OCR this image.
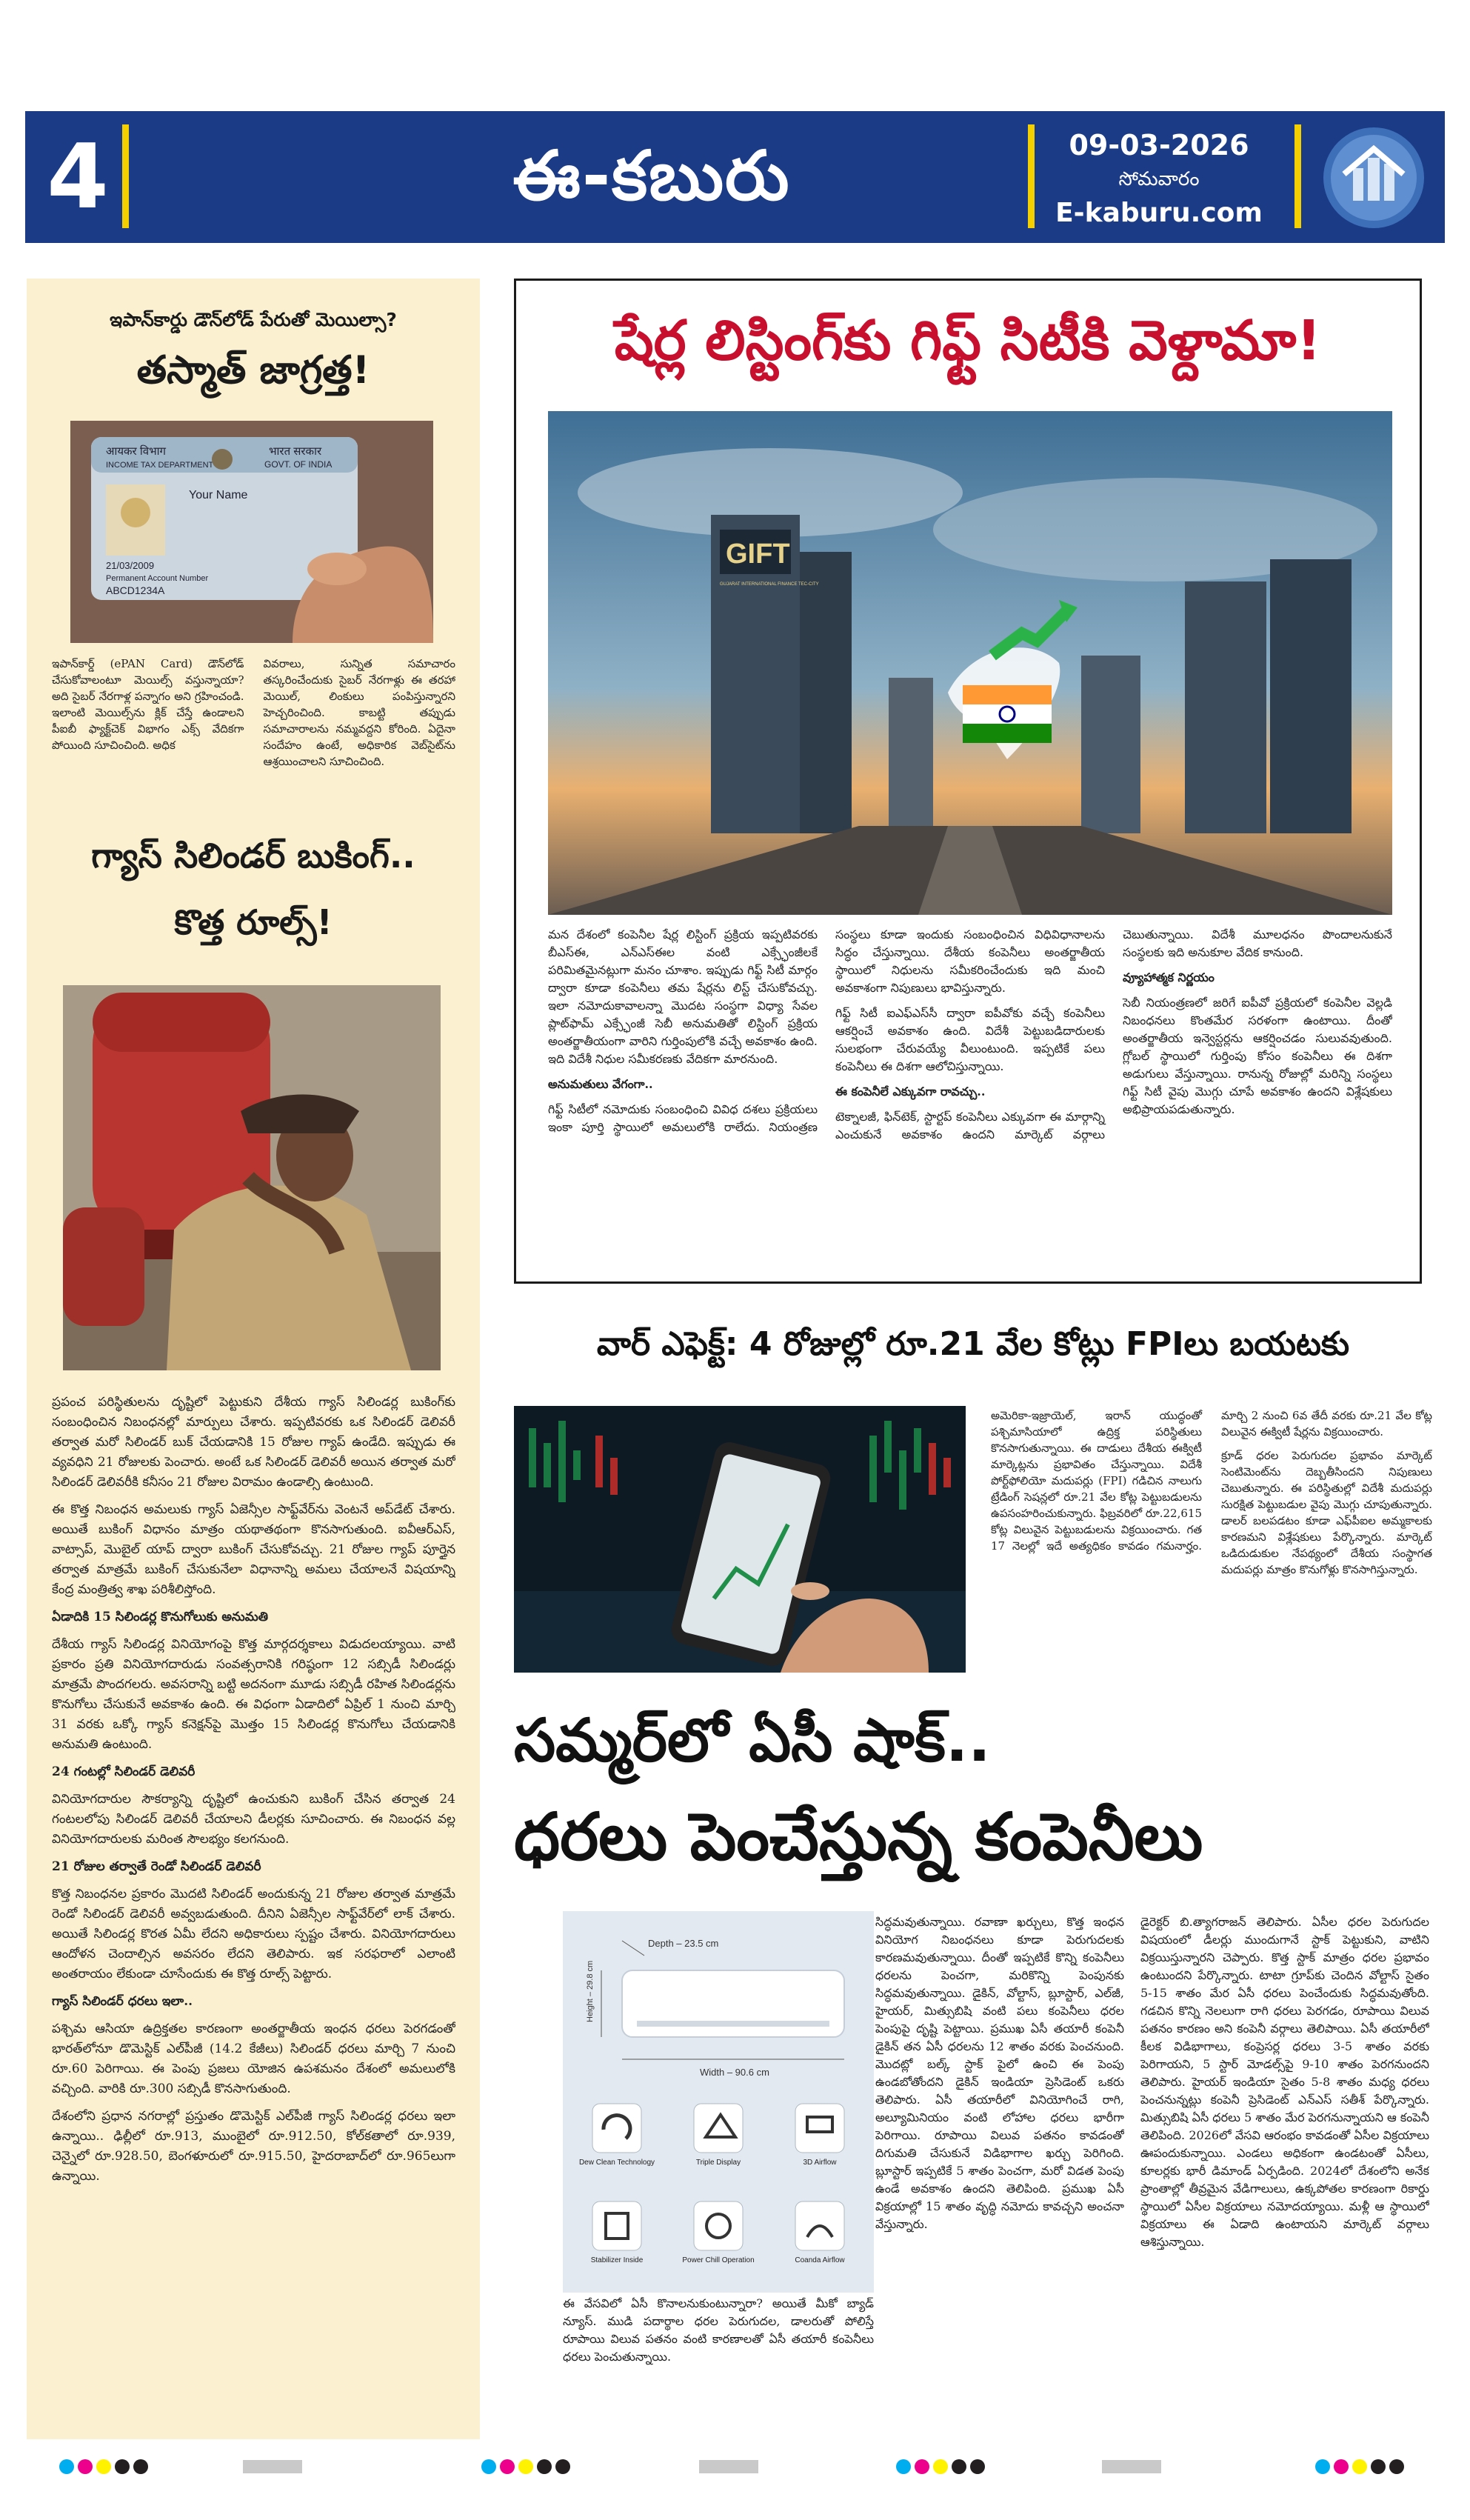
4	ఈ-కబురు	09-03-2026
సోమవారం
E-kaburu.com
ఇపాన్‌కార్డు డౌన్‌లోడ్ పేరుతో మెయిల్సా?
తస్మాత్ జాగ్రత్త!
आयकर विभाग
INCOME TAX DEPARTMENT
भारत सरकार
GOVT. OF INDIA
Your Name
21/03/2009
Permanent Account Number
ABCD1234A

ఇపాన్‌కార్డ్ (ePAN Card) డౌన్‌లోడ్ చేసుకోవాలంటూ మెయిల్స్ వస్తున్నాయా? అది సైబర్ నేరగాళ్ల పన్నాగం అని గ్రహించండి. ఇలాంటి మెయిల్స్‌ను క్లిక్ చేస్తే ఉండాలని పీఐబీ ఫ్యాక్ట్‌చెక్ విభాగం ఎక్స్ వేదికగా పోయింది సూచించింది. అధిక

వివరాలు, సున్నిత సమాచారం తస్కరించేందుకు సైబర్ నేరగాళ్లు ఈ తరహా మెయిల్, లింకులు పంపిస్తున్నారని హెచ్చరించింది. కాబట్టి తప్పుడు సమాచారాలను నమ్మవద్దని కోరింది. ఏదైనా సందేహం ఉంటే, అధికారిక వెబ్‌సైట్‌ను ఆశ్రయించాలని సూచించింది.

గ్యాస్ సిలిండర్ బుకింగ్..
కొత్త రూల్స్!

ప్రపంచ పరిస్థితులను దృష్టిలో పెట్టుకుని దేశీయ గ్యాస్ సిలిండర్ల బుకింగ్‌కు సంబంధించిన నిబంధనల్లో మార్పులు చేశారు. ఇప్పటివరకు ఒక సిలిండర్ డెలివరీ తర్వాత మరో సిలిండర్ బుక్ చేయడానికి 15 రోజుల గ్యాప్ ఉండేది. ఇప్పుడు ఈ వ్యవధిని 21 రోజులకు పెంచారు. అంటే ఒక సిలిండర్ డెలివరీ అయిన తర్వాత మరో సిలిండర్ డెలివరీకి కనీసం 21 రోజుల విరామం ఉండాల్సి ఉంటుంది.

ఈ కొత్త నిబంధన అమలుకు గ్యాస్ ఏజెన్సీల సాఫ్ట్‌వేర్‌ను వెంటనే అప్‌డేట్ చేశారు. అయితే బుకింగ్ విధానం మాత్రం యథాతథంగా కొనసాగుతుంది. ఐవీఆర్ఎస్, వాట్సాప్, మొబైల్ యాప్ ద్వారా బుకింగ్ చేసుకోవచ్చు. 21 రోజుల గ్యాప్ పూర్తైన తర్వాత మాత్రమే బుకింగ్ చేసుకునేలా విధానాన్ని అమలు చేయాలనే విషయాన్ని కేంద్ర మంత్రిత్వ శాఖ పరిశీలిస్తోంది.

ఏడాదికి 15 సిలిండర్ల కొనుగోలుకు అనుమతి

దేశీయ గ్యాస్ సిలిండర్ల వినియోగంపై కొత్త మార్గదర్శకాలు విడుదలయ్యాయి. వాటి ప్రకారం ప్రతి వినియోగదారుడు సంవత్సరానికి గరిష్ఠంగా 12 సబ్సిడీ సిలిండర్లు మాత్రమే పొందగలరు. అవసరాన్ని బట్టి అదనంగా మూడు సబ్సిడీ రహిత సిలిండర్లను కొనుగోలు చేసుకునే అవకాశం ఉంది. ఈ విధంగా ఏడాదిలో ఏప్రిల్ 1 నుంచి మార్చి 31 వరకు ఒక్కో గ్యాస్ కనెక్షన్‌పై మొత్తం 15 సిలిండర్ల కొనుగోలు చేయడానికి అనుమతి ఉంటుంది.

24 గంటల్లో సిలిండర్ డెలివరీ

వినియోగదారుల సౌకర్యాన్ని దృష్టిలో ఉంచుకుని బుకింగ్ చేసిన తర్వాత 24 గంటలలోపు సిలిండర్ డెలివరీ చేయాలని డీలర్లకు సూచించారు. ఈ నిబంధన వల్ల వినియోగదారులకు మరింత సౌలభ్యం కలగనుంది.

21 రోజుల తర్వాతే రెండో సిలిండర్ డెలివరీ

కొత్త నిబంధనల ప్రకారం మొదటి సిలిండర్ అందుకున్న 21 రోజుల తర్వాత మాత్రమే రెండో సిలిండర్ డెలివరీ అవ్వబడుతుంది. దీనిని ఏజెన్సీల సాఫ్ట్‌వేర్‌లో లాక్ చేశారు. అయితే సిలిండర్ల కొరత ఏమీ లేదని అధికారులు స్పష్టం చేశారు. వినియోగదారులు ఆందోళన చెందాల్సిన అవసరం లేదని తెలిపారు. ఇక సరఫరాలో ఎలాంటి అంతరాయం లేకుండా చూసేందుకు ఈ కొత్త రూల్స్ పెట్టారు.

గ్యాస్ సిలిండర్ ధరలు ఇలా..

పశ్చిమ ఆసియా ఉద్రిక్తతల కారణంగా అంతర్జాతీయ ఇంధన ధరలు పెరగడంతో భారత్‌లోనూ డొమెస్టిక్ ఎల్‌పీజీ (14.2 కేజీలు) సిలిండర్ ధరలు మార్చి 7 నుంచి రూ.60 పెరిగాయి. ఈ పెంపు ప్రజలు యోజిన ఉపశమనం దేశంలో అమలులోకి వచ్చింది. వారికి రూ.300 సబ్సిడీ కొనసాగుతుంది.

దేశంలోని ప్రధాన నగరాల్లో ప్రస్తుతం డొమెస్టిక్ ఎల్‌పీజీ గ్యాస్ సిలిండర్ల ధరలు ఇలా ఉన్నాయి.. ఢిల్లీలో రూ.913, ముంబైలో రూ.912.50, కోల్‌కతాలో రూ.939, చెన్నైలో రూ.928.50, బెంగళూరులో రూ.915.50, హైదరాబాద్‌లో రూ.965లుగా ఉన్నాయి.

షేర్ల లిస్టింగ్‌కు గిఫ్ట్ సిటీకి వెళ్దామా!
GIFT
GUJARAT INTERNATIONAL FINANCE TEC-CITY

మన దేశంలో కంపెనీల షేర్ల లిస్టింగ్ ప్రక్రియ ఇప్పటివరకు బీఎస్ఈ, ఎన్ఎస్ఈల వంటి ఎక్స్ఛేంజీలకే పరిమితమైనట్లుగా మనం చూశాం. ఇప్పుడు గిఫ్ట్ సిటీ మార్గం ద్వారా కూడా కంపెనీలు తమ షేర్లను లిస్ట్ చేసుకోవచ్చు. ఇలా నమోదుకావాలన్నా మొదట సంస్థగా విధ్యా సేవల ప్లాట్‌ఫామ్ ఎక్స్ఛేంజీ సెబీ అనుమతితో లిస్టింగ్ ప్రక్రియ అంతర్జాతీయంగా వారిని గుర్తింపులోకి వచ్చే అవకాశం ఉంది. ఇది విదేశీ నిధుల సమీకరణకు వేదికగా మారనుంది.

అనుమతులు వేగంగా..

గిఫ్ట్ సిటీలో నమోదుకు సంబంధించి వివిధ దశలు ప్రక్రియలు ఇంకా పూర్తి స్థాయిలో అమలులోకి రాలేదు. నియంత్రణ సంస్థలు కూడా ఇందుకు సంబంధించిన విధివిధానాలను సిద్ధం చేస్తున్నాయి. దేశీయ కంపెనీలు అంతర్జాతీయ స్థాయిలో నిధులను సమీకరించేందుకు ఇది మంచి అవకాశంగా నిపుణులు భావిస్తున్నారు.

గిఫ్ట్ సిటీ ఐఎఫ్ఎస్‌సీ ద్వారా ఐపీవోకు వచ్చే కంపెనీలు ఆకర్షించే అవకాశం ఉంది. విదేశీ పెట్టుబడిదారులకు సులభంగా చేరువయ్యే వీలుంటుంది. ఇప్పటికే పలు కంపెనీలు ఈ దిశగా ఆలోచిస్తున్నాయి.

ఈ కంపెనీలే ఎక్కువగా రావచ్చు..

టెక్నాలజీ, ఫిన్‌టెక్, స్టార్టప్ కంపెనీలు ఎక్కువగా ఈ మార్గాన్ని ఎంచుకునే అవకాశం ఉందని మార్కెట్ వర్గాలు చెబుతున్నాయి. విదేశీ మూలధనం పొందాలనుకునే సంస్థలకు ఇది అనుకూల వేదిక కానుంది.

వ్యూహాత్మక నిర్ణయం

సెబీ నియంత్రణలో జరిగే ఐపీవో ప్రక్రియలో కంపెనీల వెల్లడి నిబంధనలు కొంతమేర సరళంగా ఉంటాయి. దీంతో అంతర్జాతీయ ఇన్వెస్టర్లను ఆకర్షించడం సులువవుతుంది. గ్లోబల్ స్థాయిలో గుర్తింపు కోసం కంపెనీలు ఈ దిశగా అడుగులు వేస్తున్నాయి. రానున్న రోజుల్లో మరిన్ని సంస్థలు గిఫ్ట్ సిటీ వైపు మొగ్గు చూపే అవకాశం ఉందని విశ్లేషకులు అభిప్రాయపడుతున్నారు.

వార్ ఎఫెక్ట్: 4 రోజుల్లో రూ.21 వేల కోట్లు FPIలు బయటకు

అమెరికా-ఇజ్రాయెల్, ఇరాన్ యుద్ధంతో పశ్చిమాసియాలో ఉద్రిక్త పరిస్థితులు కొనసాగుతున్నాయి. ఈ దాడులు దేశీయ ఈక్విటీ మార్కెట్లను ప్రభావితం చేస్తున్నాయి. విదేశీ పోర్ట్‌ఫోలియో మదుపర్లు (FPI) గడిచిన నాలుగు ట్రేడింగ్ సెషన్లలో రూ.21 వేల కోట్ల పెట్టుబడులను ఉపసంహరించుకున్నారు. ఫిబ్రవరిలో రూ.22,615 కోట్ల విలువైన పెట్టుబడులను విక్రయించారు. గత 17 నెలల్లో ఇదే అత్యధికం కావడం గమనార్హం. మార్చి 2 నుంచి 6వ తేదీ వరకు రూ.21 వేల కోట్ల విలువైన ఈక్విటీ షేర్లను విక్రయించారు.

క్రూడ్ ధరల పెరుగుదల ప్రభావం మార్కెట్ సెంటిమెంట్‌ను దెబ్బతీసిందని నిపుణులు చెబుతున్నారు. ఈ పరిస్థితుల్లో విదేశీ మదుపర్లు సురక్షిత పెట్టుబడుల వైపు మొగ్గు చూపుతున్నారు. డాలర్ బలపడటం కూడా ఎఫ్‌పీఐల అమ్మకాలకు కారణమని విశ్లేషకులు పేర్కొన్నారు. మార్కెట్ ఒడిదుడుకుల నేపథ్యంలో దేశీయ సంస్థాగత మదుపర్లు మాత్రం కొనుగోళ్లు కొనసాగిస్తున్నారు.

సమ్మర్‌లో ఏసీ షాక్..
ధరలు పెంచేస్తున్న కంపెనీలు
Depth – 23.5 cm
Height – 29.8 cm
Width – 90.6 cm
Dew Clean Technology	Triple Display	3D Airflow
Stabilizer Inside	Power Chill Operation	Coanda Airflow
ఈ వేసవిలో ఏసీ కొనాలనుకుంటున్నారా? అయితే మీకో బ్యాడ్ న్యూస్. ముడి పదార్థాల ధరల పెరుగుదల, డాలరుతో పోలిస్తే రూపాయి విలువ పతనం వంటి కారణాలతో ఏసీ తయారీ కంపెనీలు ధరలు పెంచుతున్నాయి.
సిద్ధమవుతున్నాయి. రవాణా ఖర్చులు, కొత్త ఇంధన వినియోగ నిబంధనలు కూడా పెరుగుదలకు కారణమవుతున్నాయి. దీంతో ఇప్పటికే కొన్ని కంపెనీలు ధరలను పెంచగా, మరికొన్ని పెంపునకు సిద్ధమవుతున్నాయి. డైకిన్, వోల్టాస్, బ్లూస్టార్, ఎల్‌జీ, హైయర్, మిత్సుబిషి వంటి పలు కంపెనీలు ధరల పెంపుపై దృష్టి పెట్టాయి. ప్రముఖ ఏసీ తయారీ కంపెనీ డైకిన్ తన ఏసీ ధరలను 12 శాతం వరకు పెంచనుంది. మొదట్లో బల్క్ స్టాక్ పైలో ఉంచి ఈ పెంపు ఉండబోతోందని డైకిన్ ఇండియా ప్రెసిడెంట్ ఒకరు తెలిపారు. ఏసీ తయారీలో వినియోగించే రాగి, అల్యూమినియం వంటి లోహాల ధరలు భారీగా పెరిగాయి. రూపాయి విలువ పతనం కావడంతో దిగుమతి చేసుకునే విడిభాగాల ఖర్చు పెరిగింది. బ్లూస్టార్ ఇప్పటికే 5 శాతం పెంచగా, మరో విడత పెంపు ఉండే అవకాశం ఉందని తెలిపింది. ప్రముఖ ఏసీ విక్రయాల్లో 15 శాతం వృద్ధి నమోదు కావచ్చని అంచనా వేస్తున్నారు.
డైరెక్టర్ బి.త్యాగరాజన్ తెలిపారు. ఏసీల ధరల పెరుగుదల విషయంలో డీలర్లు ముందుగానే స్టాక్ పెట్టుకుని, వాటిని విక్రయిస్తున్నారని చెప్పారు. కొత్త స్టాక్ మాత్రం ధరల ప్రభావం ఉంటుందని పేర్కొన్నారు. టాటా గ్రూప్‌కు చెందిన వోల్టాస్ సైతం 5-15 శాతం మేర ఏసీ ధరలు పెంచేందుకు సిద్ధమవుతోంది. గడచిన కొన్ని నెలలుగా రాగి ధరలు పెరగడం, రూపాయి విలువ పతనం కారణం అని కంపెనీ వర్గాలు తెలిపాయి. ఏసీ తయారీలో కీలక విడిభాగాలు, కంప్రెసర్ల ధరలు 3-5 శాతం వరకు పెరిగాయని, 5 స్టార్ మోడల్స్‌పై 9-10 శాతం పెరగనుందని తెలిపారు. హైయర్ ఇండియా సైతం 5-8 శాతం మధ్య ధరలు పెంచనున్నట్లు కంపెనీ ప్రెసిడెంట్ ఎన్ఎస్ సతీశ్ పేర్కొన్నారు. మిత్సుబిషి ఏసీ ధరలు 5 శాతం మేర పెరగనున్నాయని ఆ కంపెనీ తెలిపింది. 2026లో వేసవి ఆరంభం కావడంతో ఏసీల విక్రయాలు ఊపందుకున్నాయి. ఎండలు అధికంగా ఉండటంతో ఏసీలు, కూలర్లకు భారీ డిమాండ్ ఏర్పడింది. 2024లో దేశంలోని అనేక ప్రాంతాల్లో తీవ్రమైన వేడిగాలులు, ఉక్కపోతల కారణంగా రికార్డు స్థాయిలో ఏసీల విక్రయాలు నమోదయ్యాయి. మళ్లీ ఆ స్థాయిలో విక్రయాలు ఈ ఏడాది ఉంటాయని మార్కెట్ వర్గాలు ఆశిస్తున్నాయి.
